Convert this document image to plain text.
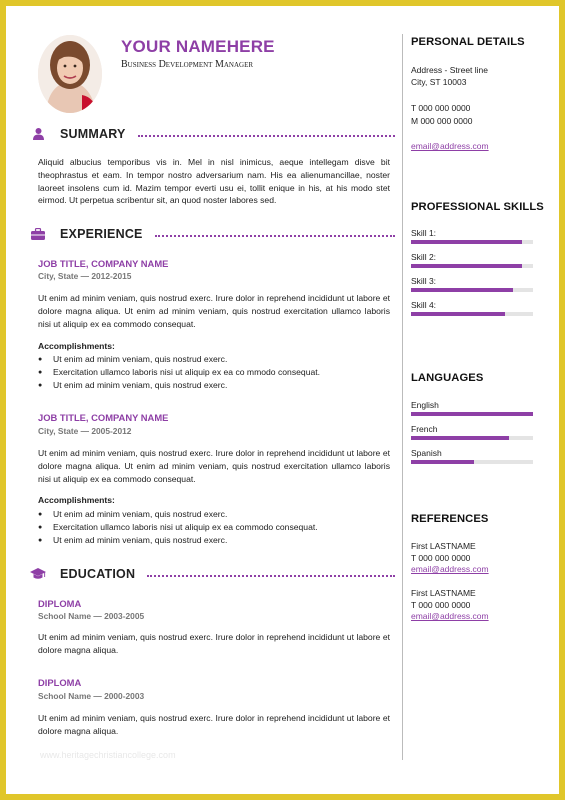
YOUR NAMEHERE
Business Development Manager
SUMMARY
Aliquid albucius temporibus vis in. Mel in nisl inimicus, aeque intellegam disve bit theophrastus et eam. In tempor nostro adversarium nam. His ea alienumancillae, noster laoreet insolens cum id. Mazim tempor everti usu ei, tollit enique in his, at his modo stet eirmod. Ut perpetua scribentur sit, an quod noster labores sed.
EXPERIENCE
JOB TITLE, COMPANY NAME
City, State — 2012-2015
Ut enim ad minim veniam, quis nostrud exerc. Irure dolor in reprehend incididunt ut labore et dolore magna aliqua. Ut enim ad minim veniam, quis nostrud exercitation ullamco laboris nisi ut aliquip ex ea commodo consequat.
Accomplishments:
● Ut enim ad minim veniam, quis nostrud exerc.
● Exercitation ullamco laboris nisi ut aliquip ex ea co mmodo consequat.
● Ut enim ad minim veniam, quis nostrud exerc.
JOB TITLE, COMPANY NAME
City, State — 2005-2012
Ut enim ad minim veniam, quis nostrud exerc. Irure dolor in reprehend incididunt ut labore et dolore magna aliqua. Ut enim ad minim veniam, quis nostrud exercitation ullamco laboris nisi ut aliquip ex ea commodo consequat.
Accomplishments:
● Ut enim ad minim veniam, quis nostrud exerc.
● Exercitation ullamco laboris nisi ut aliquip ex ea commodo consequat.
● Ut enim ad minim veniam, quis nostrud exerc.
EDUCATION
DIPLOMA
School Name — 2003-2005
Ut enim ad minim veniam, quis nostrud exerc. Irure dolor in reprehend incididunt ut labore et dolore magna aliqua.
DIPLOMA
School Name — 2000-2003
Ut enim ad minim veniam, quis nostrud exerc. Irure dolor in reprehend incididunt ut labore et dolore magna aliqua.
www.heritagechristiancollege.com
PERSONAL DETAILS
Address - Street line
City, ST 10003
T 000 000 0000
M 000 000 0000
email@address.com
PROFESSIONAL SKILLS
Skill 1:
Skill 2:
Skill 3:
Skill 4:
LANGUAGES
English
French
Spanish
REFERENCES
First LASTNAME
T 000 000 0000
email@address.com
First LASTNAME
T 000 000 0000
email@address.com
